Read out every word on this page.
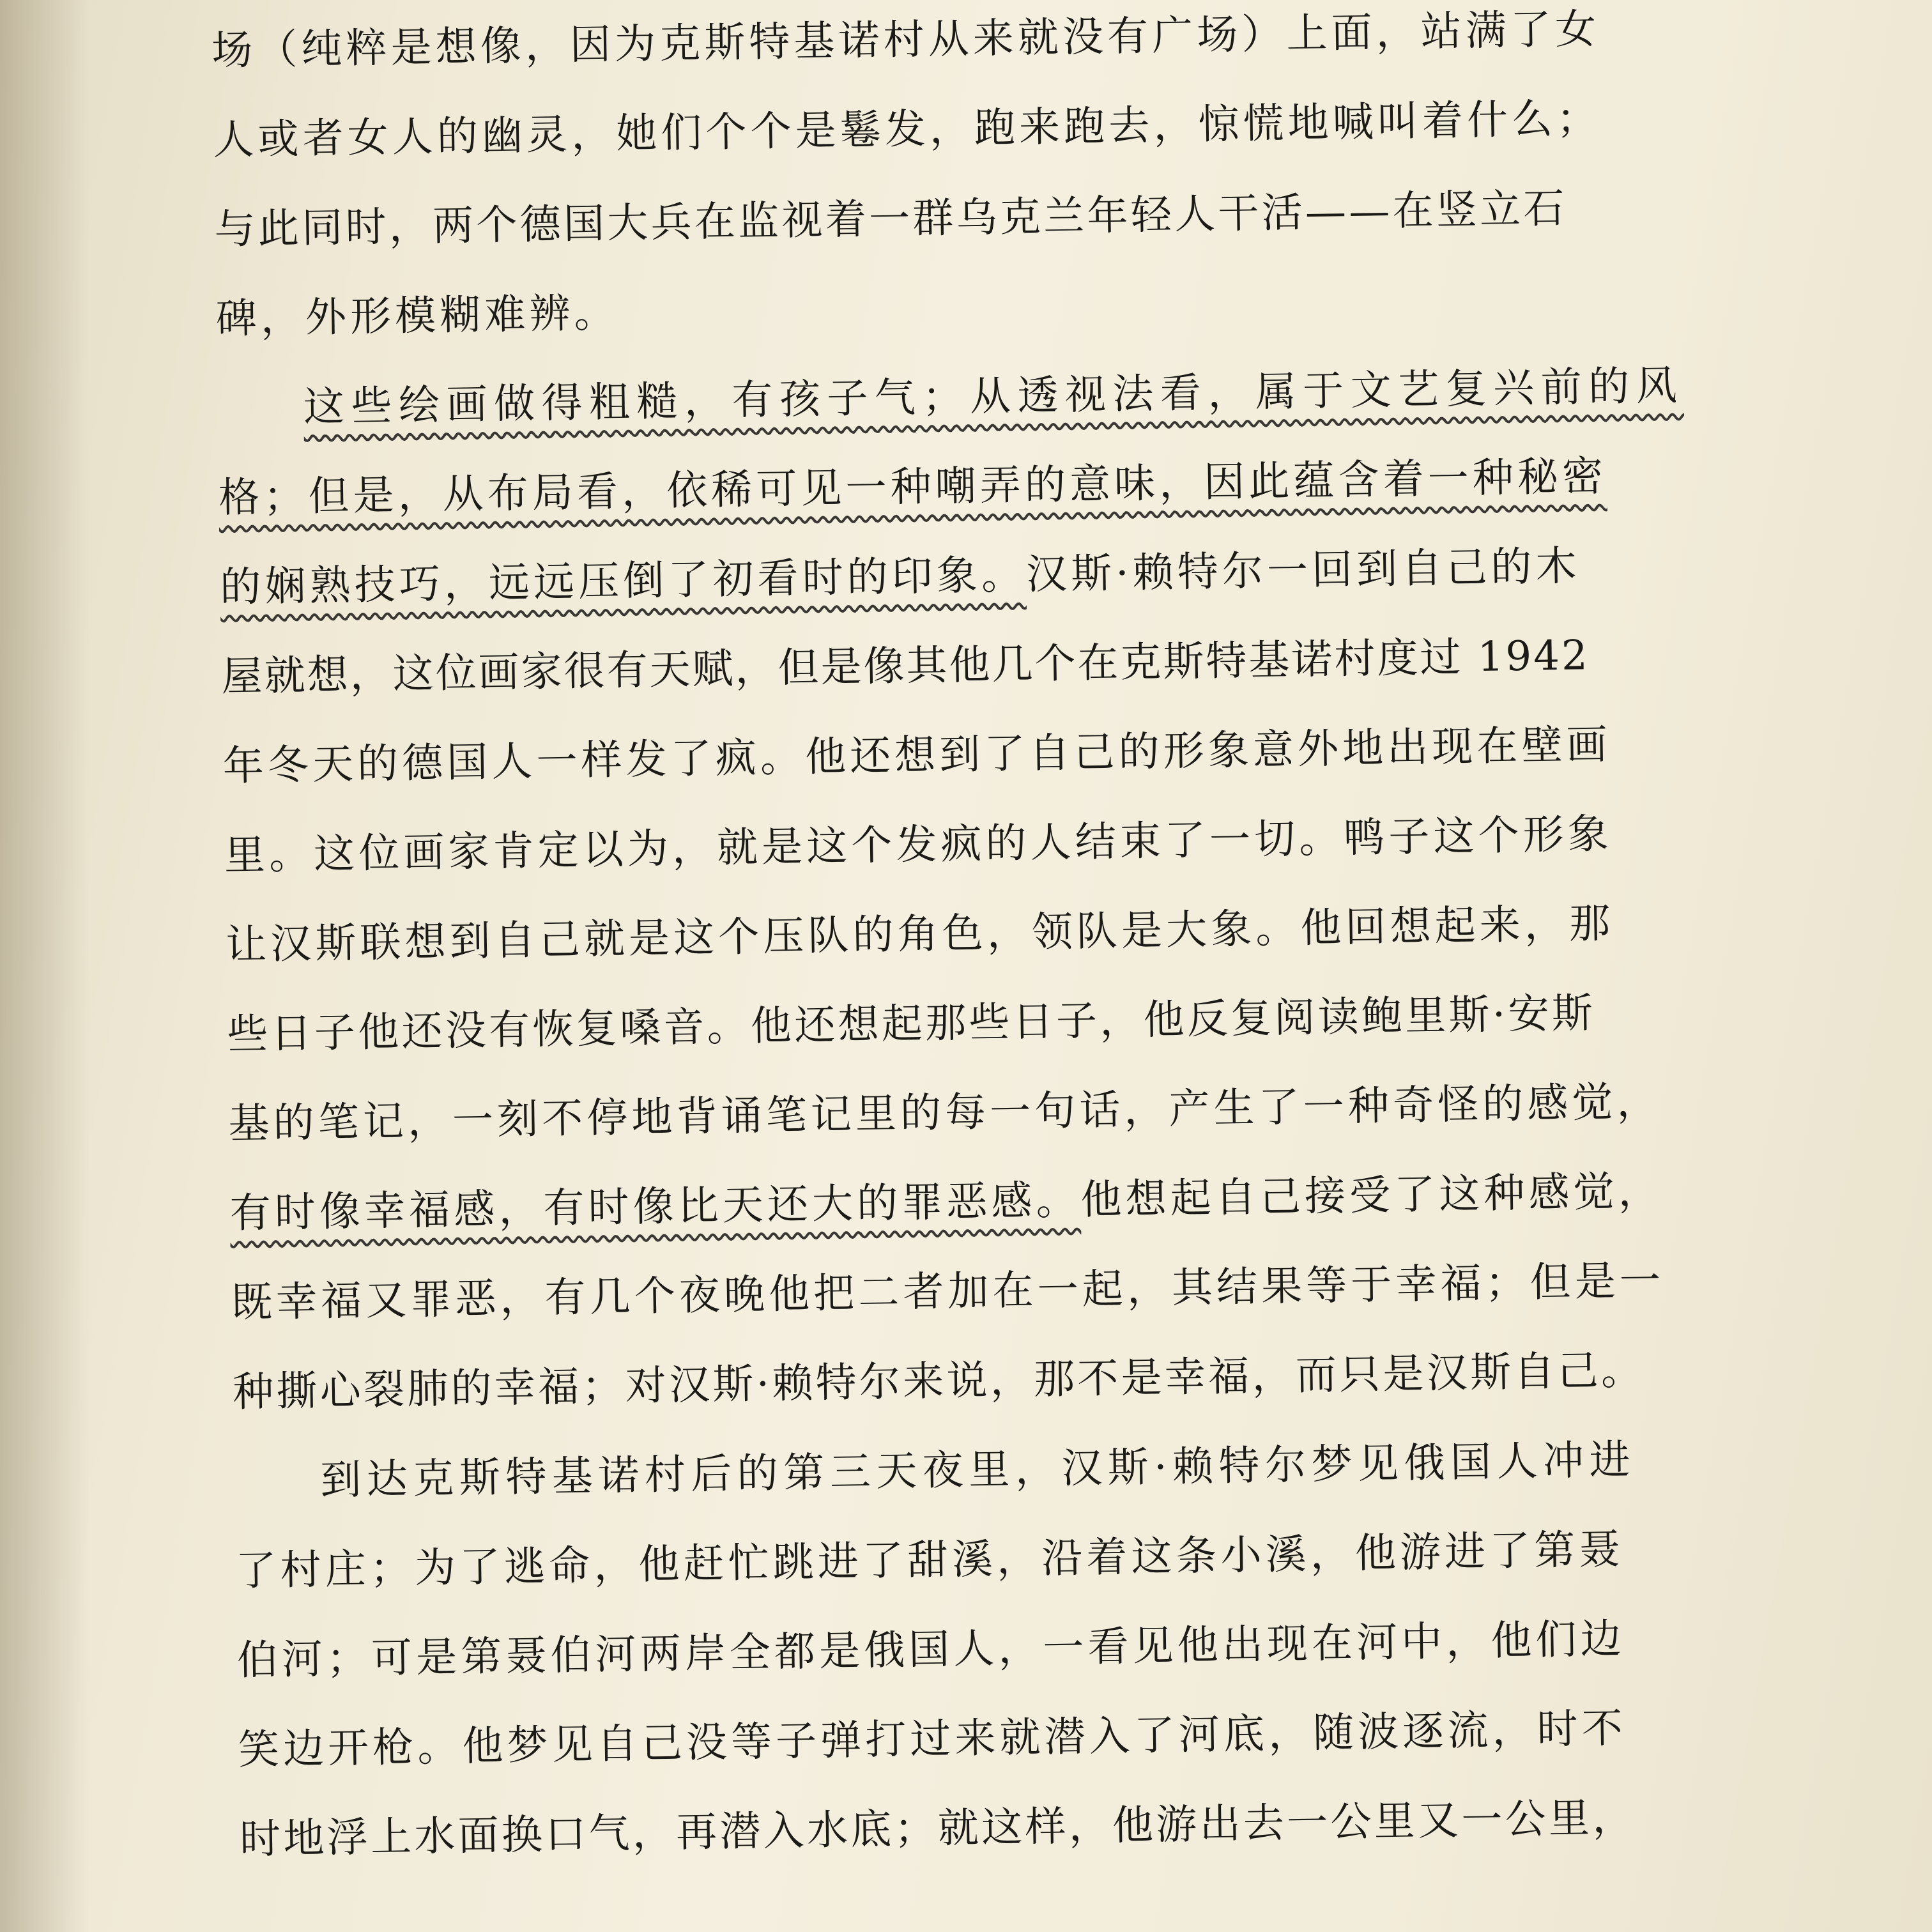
场（纯粹是想像，因为克斯特基诺村从来就没有广场）上面，站满了女
人或者女人的幽灵，她们个个是鬈发，跑来跑去，惊慌地喊叫着什么；
与此同时，两个德国大兵在监视着一群乌克兰年轻人干活——在竖立石
碑，外形模糊难辨。
这些绘画做得粗糙，有孩子气；从透视法看，属于文艺复兴前的风
格；但是，从布局看，依稀可见一种嘲弄的意味，因此蕴含着一种秘密
的娴熟技巧，远远压倒了初看时的印象。汉斯·赖特尔一回到自己的木
屋就想，这位画家很有天赋，但是像其他几个在克斯特基诺村度过 1942
年冬天的德国人一样发了疯。他还想到了自己的形象意外地出现在壁画
里。这位画家肯定以为，就是这个发疯的人结束了一切。鸭子这个形象
让汉斯联想到自己就是这个压队的角色，领队是大象。他回想起来，那
些日子他还没有恢复嗓音。他还想起那些日子，他反复阅读鲍里斯·安斯
基的笔记，一刻不停地背诵笔记里的每一句话，产生了一种奇怪的感觉，
有时像幸福感，有时像比天还大的罪恶感。他想起自己接受了这种感觉，
既幸福又罪恶，有几个夜晚他把二者加在一起，其结果等于幸福；但是一
种撕心裂肺的幸福；对汉斯·赖特尔来说，那不是幸福，而只是汉斯自己。
到达克斯特基诺村后的第三天夜里，汉斯·赖特尔梦见俄国人冲进
了村庄；为了逃命，他赶忙跳进了甜溪，沿着这条小溪，他游进了第聂
伯河；可是第聂伯河两岸全都是俄国人，一看见他出现在河中，他们边
笑边开枪。他梦见自己没等子弹打过来就潜入了河底，随波逐流，时不
时地浮上水面换口气，再潜入水底；就这样，他游出去一公里又一公里，
